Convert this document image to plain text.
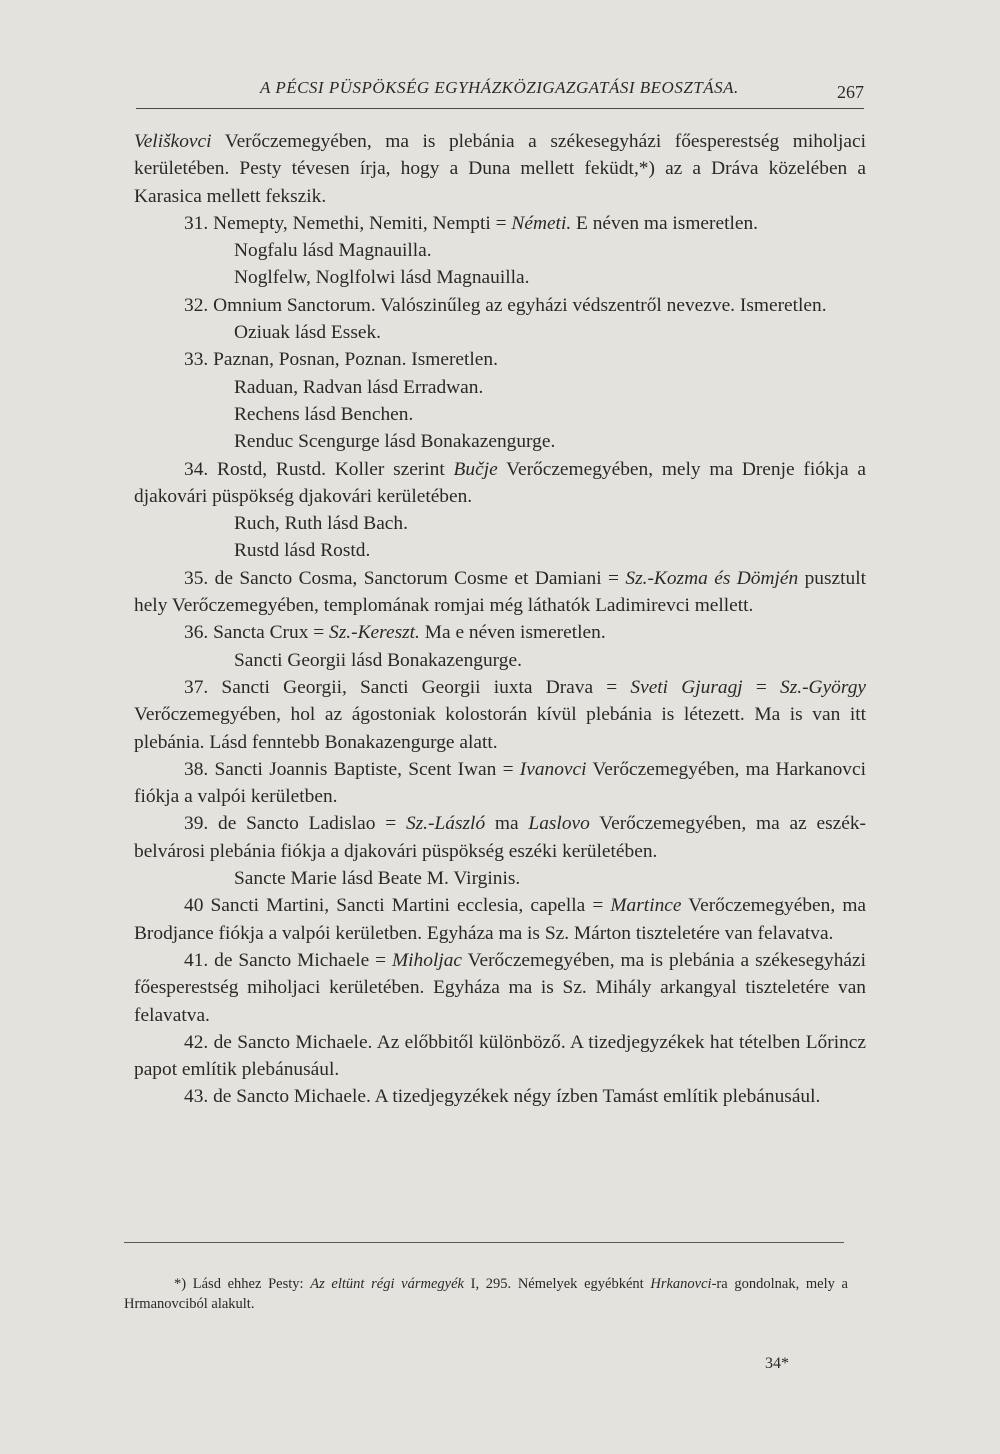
A PÉCSI PÜSPÖKSÉG EGYHÁZKÖZIGAZGATÁSI BEOSZTÁSA.	267

Veliškovci Verőczemegyében, ma is plebánia a székesegyházi főesperestség miholjaci kerületében. Pesty tévesen írja, hogy a Duna mellett feküdt,*) az a Dráva közelében a Karasica mellett fekszik.

31. Nemepty, Nemethi, Nemiti, Nempti = Németi. E néven ma ismeretlen.

Nogfalu lásd Magnauilla.

Noglfelw, Noglfolwi lásd Magnauilla.

32. Omnium Sanctorum. Valószinűleg az egyházi védszentről nevezve. Ismeretlen.

Oziuak lásd Essek.

33. Paznan, Posnan, Poznan. Ismeretlen.

Raduan, Radvan lásd Erradwan.

Rechens lásd Benchen.

Renduc Scengurge lásd Bonakazengurge.

34. Rostd, Rustd. Koller szerint Bučje Verőczemegyében, mely ma Drenje fiókja a djakovári püspökség djakovári kerületében.

Ruch, Ruth lásd Bach.

Rustd lásd Rostd.

35. de Sancto Cosma, Sanctorum Cosme et Damiani = Sz.-Kozma és Dömjén pusztult hely Verőczemegyében, templomának romjai még láthatók Ladimirevci mellett.

36. Sancta Crux = Sz.-Kereszt. Ma e néven ismeretlen.

Sancti Georgii lásd Bonakazengurge.

37. Sancti Georgii, Sancti Georgii iuxta Drava = Sveti Gjuragj = Sz.-György Verőczemegyében, hol az ágostoniak kolostorán kívül plebánia is létezett. Ma is van itt plebánia. Lásd fenntebb Bonakazengurge alatt.

38. Sancti Joannis Baptiste, Scent Iwan = Ivanovci Verőczemegyében, ma Harkanovci fiókja a valpói kerületben.

39. de Sancto Ladislao = Sz.-László ma Laslovo Verőczemegyében, ma az eszék-belvárosi plebánia fiókja a djakovári püspökség eszéki kerületében.

Sancte Marie lásd Beate M. Virginis.

40 Sancti Martini, Sancti Martini ecclesia, capella = Martince Verőczemegyében, ma Brodjance fiókja a valpói kerületben. Egyháza ma is Sz. Márton tiszteletére van felavatva.

41. de Sancto Michaele = Miholjac Verőczemegyében, ma is plebánia a székesegyházi főesperestség miholjaci kerületében. Egyháza ma is Sz. Mihály arkangyal tiszteletére van felavatva.

42. de Sancto Michaele. Az előbbitől különböző. A tizedjegyzékek hat tételben Lőrincz papot említik plebánusául.

43. de Sancto Michaele. A tizedjegyzékek négy ízben Tamást említik plebánusául.

*) Lásd ehhez Pesty: Az eltünt régi vármegyék I, 295. Némelyek egyébként Hrkanovci-ra gondolnak, mely a Hrmanovciból alakult.

34*
